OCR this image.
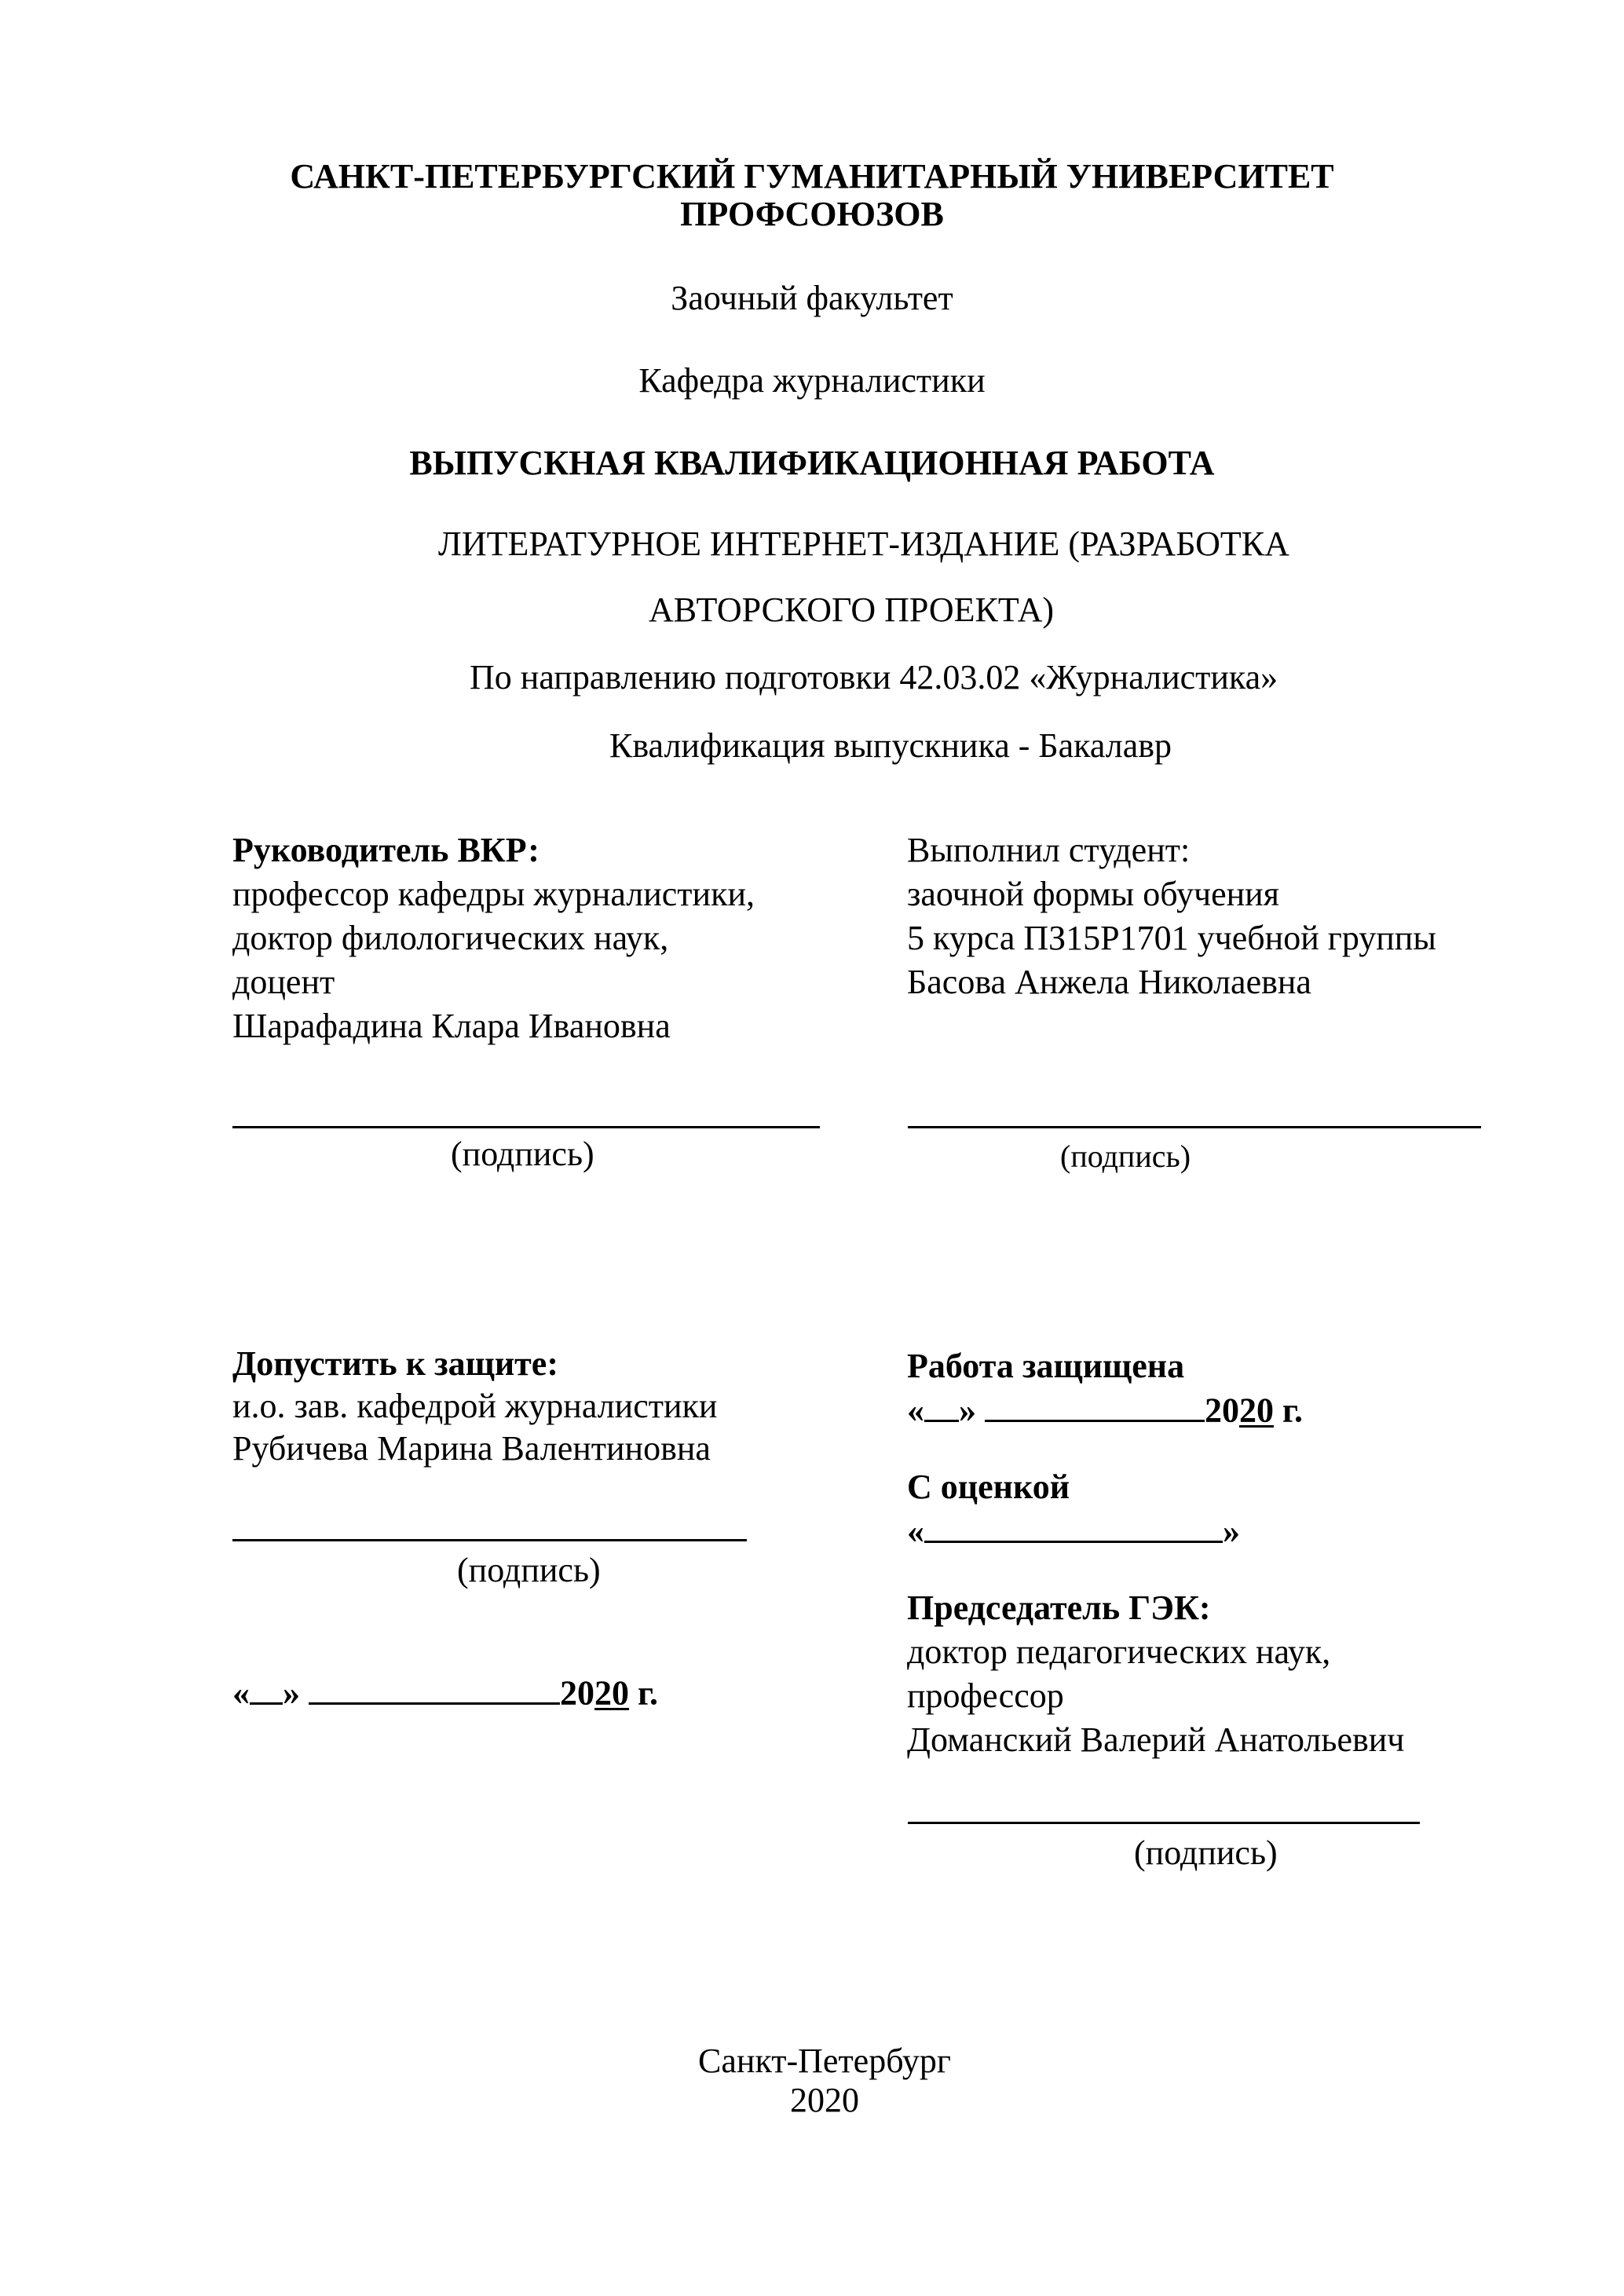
САНКТ-ПЕТЕРБУРГСКИЙ ГУМАНИТАРНЫЙ УНИВЕРСИТЕТ
ПРОФСОЮЗОВ
Заочный факультет
Кафедра журналистики
ВЫПУСКНАЯ КВАЛИФИКАЦИОННАЯ РАБОТА
ЛИТЕРАТУРНОЕ ИНТЕРНЕТ-ИЗДАНИЕ (РАЗРАБОТКА
АВТОРСКОГО ПРОЕКТА)
По направлению подготовки 42.03.02 «Журналистика»
Квалификация выпускника - Бакалавр
Руководитель ВКР:
профессор кафедры журналистики,
доктор филологических наук,
доцент
Шарафадина Клара Ивановна
(подпись)
Выполнил студент:
заочной формы обучения
5 курса ПЗ15Р1701 учебной группы
Басова Анжела Николаевна
(подпись)
Допустить к защите:
и.о. зав. кафедрой журналистики
Рубичева Марина Валентиновна
(подпись)
« »	2020 г.
Работа защищена
« »	2020 г.
С оценкой
«	»
Председатель ГЭК:
доктор педагогических наук,
профессор
Доманский Валерий Анатольевич
(подпись)
Санкт-Петербург
2020
